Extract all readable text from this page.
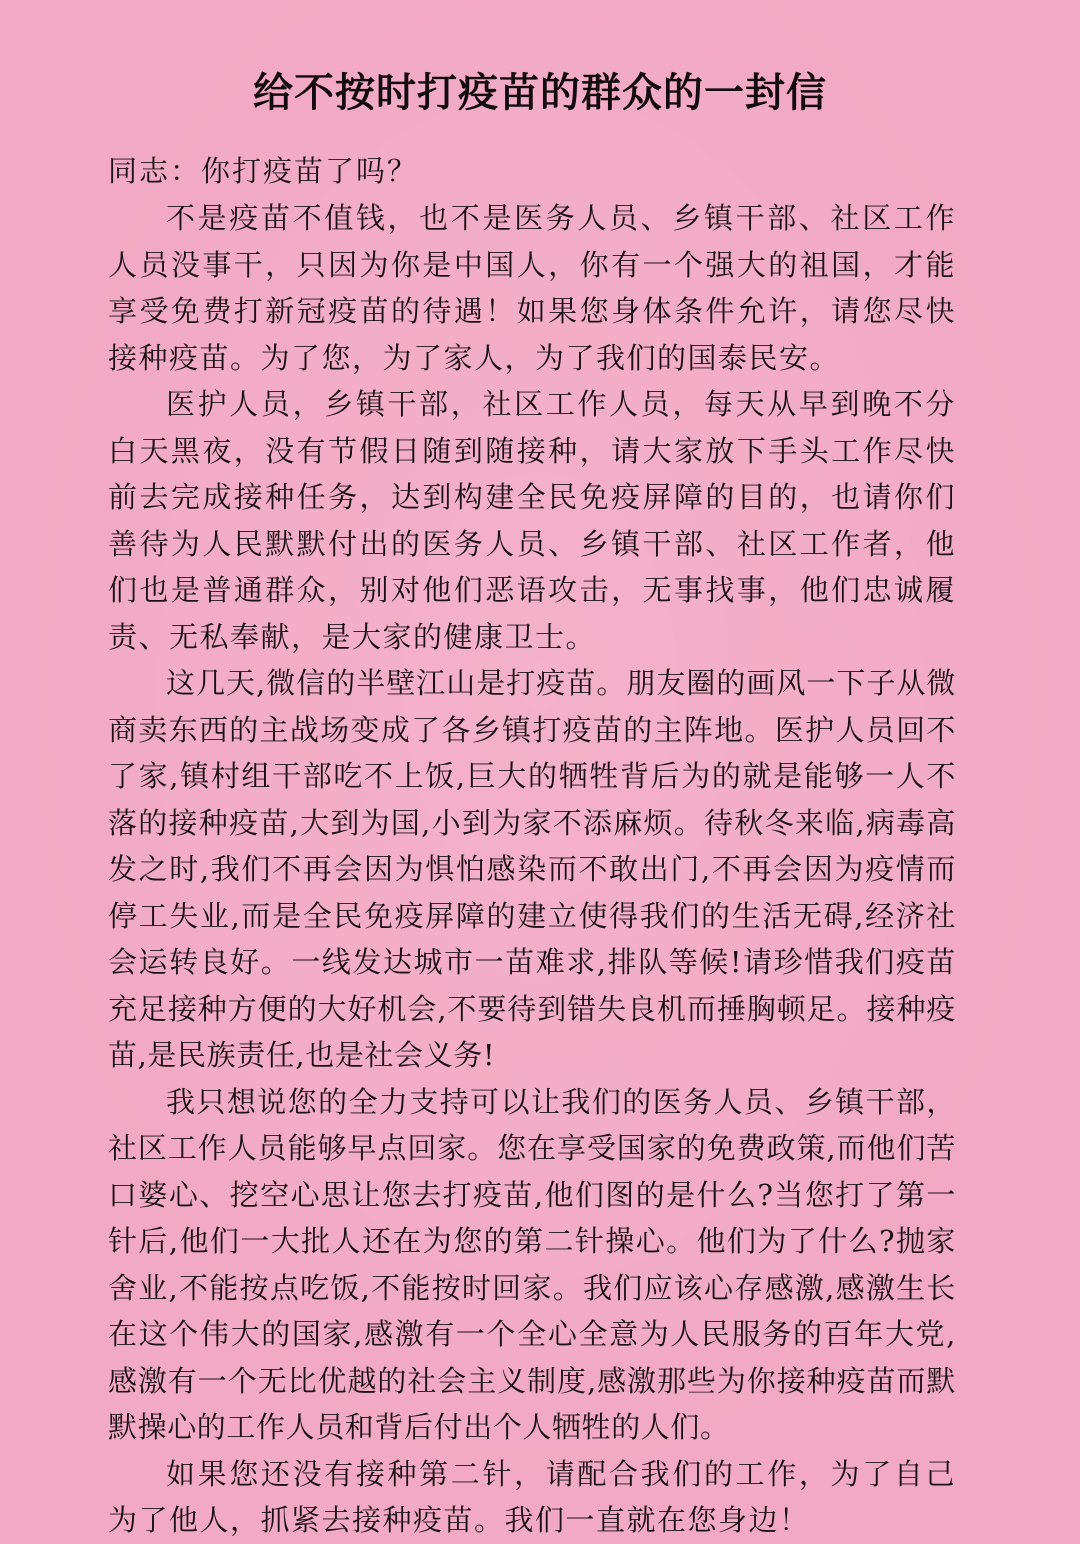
给不按时打疫苗的群众的一封信

同志：你打疫苗了吗？

不是疫苗不值钱，也不是医务人员、乡镇干部、社区工作人员没事干，只因为你是中国人，你有一个强大的祖国，才能享受免费打新冠疫苗的待遇！如果您身体条件允许，请您尽快接种疫苗。为了您，为了家人，为了我们的国泰民安。

医护人员，乡镇干部，社区工作人员，每天从早到晚不分白天黑夜，没有节假日随到随接种，请大家放下手头工作尽快前去完成接种任务，达到构建全民免疫屏障的目的，也请你们善待为人民默默付出的医务人员、乡镇干部、社区工作者，他们也是普通群众，别对他们恶语攻击，无事找事，他们忠诚履责、无私奉献，是大家的健康卫士。

这几天,微信的半壁江山是打疫苗。朋友圈的画风一下子从微商卖东西的主战场变成了各乡镇打疫苗的主阵地。医护人员回不了家,镇村组干部吃不上饭,巨大的牺牲背后为的就是能够一人不落的接种疫苗,大到为国,小到为家不添麻烦。待秋冬来临,病毒高发之时,我们不再会因为惧怕感染而不敢出门,不再会因为疫情而停工失业,而是全民免疫屏障的建立使得我们的生活无碍,经济社会运转良好。一线发达城市一苗难求,排队等候!请珍惜我们疫苗充足接种方便的大好机会,不要待到错失良机而捶胸顿足。接种疫苗,是民族责任,也是社会义务!

我只想说您的全力支持可以让我们的医务人员、乡镇干部，社区工作人员能够早点回家。您在享受国家的免费政策,而他们苦口婆心、挖空心思让您去打疫苗,他们图的是什么?当您打了第一针后,他们一大批人还在为您的第二针操心。他们为了什么?抛家舍业,不能按点吃饭,不能按时回家。我们应该心存感激,感激生长在这个伟大的国家,感激有一个全心全意为人民服务的百年大党,感激有一个无比优越的社会主义制度,感激那些为你接种疫苗而默默操心的工作人员和背后付出个人牺牲的人们。

如果您还没有接种第二针，请配合我们的工作，为了自己为了他人，抓紧去接种疫苗。我们一直就在您身边！
